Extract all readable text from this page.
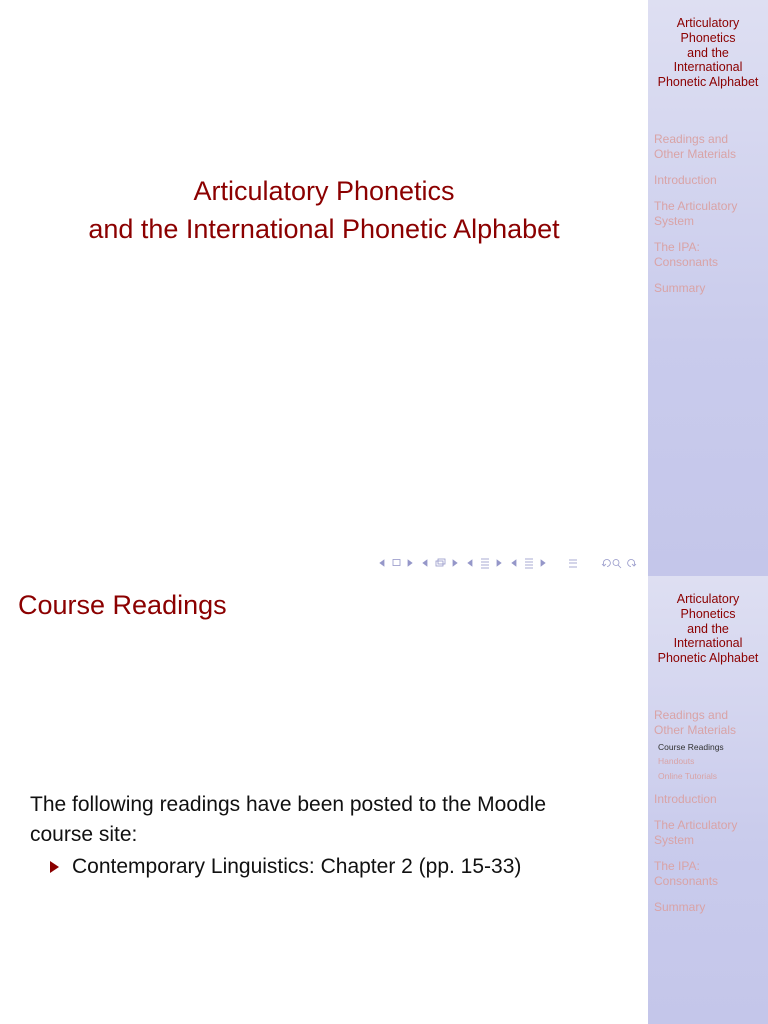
Articulatory Phonetics
and the International Phonetic Alphabet
Articulatory
Phonetics
and the
International
Phonetic Alphabet
Readings and
Other Materials
Introduction
The Articulatory
System
The IPA:
Consonants
Summary
Course Readings
The following readings have been posted to the Moodle
course site:
Contemporary Linguistics: Chapter 2 (pp. 15-33)
Articulatory
Phonetics
and the
International
Phonetic Alphabet
Readings and
Other Materials
Course Readings
Handouts
Online Tutorials
Introduction
The Articulatory
System
The IPA:
Consonants
Summary
